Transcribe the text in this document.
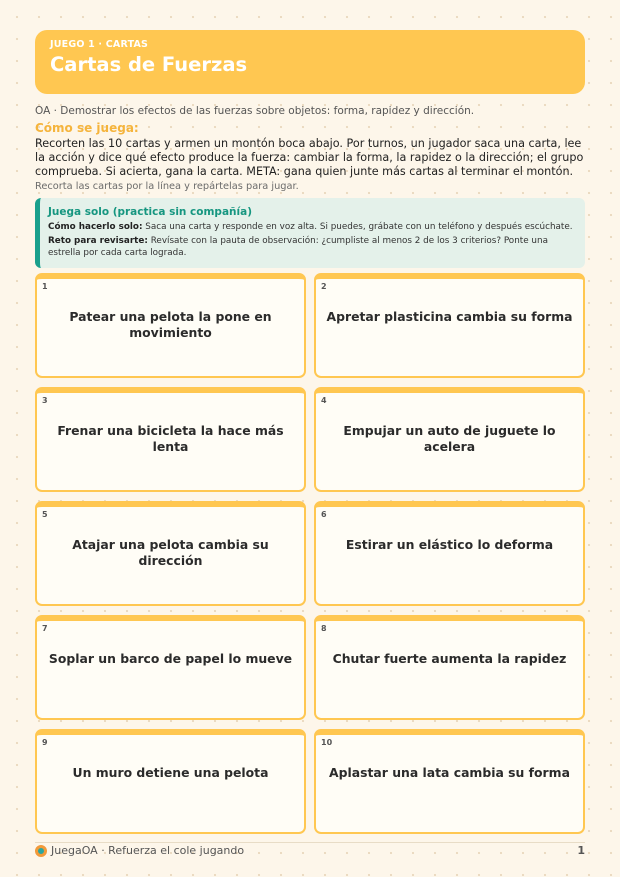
JUEGO 1 · CARTAS
Cartas de Fuerzas
OA · Demostrar los efectos de las fuerzas sobre objetos: forma, rapidez y dirección.
Cómo se juega:
Recorten las 10 cartas y armen un montón boca abajo. Por turnos, un jugador saca una carta, lee la acción y dice qué efecto produce la fuerza: cambiar la forma, la rapidez o la dirección; el grupo comprueba. Si acierta, gana la carta. META: gana quien junte más cartas al terminar el montón.
Recorta las cartas por la línea y repártelas para jugar.
Juega solo (practica sin compañía)
Cómo hacerlo solo: Saca una carta y responde en voz alta. Si puedes, grábate con un teléfono y después escúchate.
Reto para revisarte: Revísate con la pauta de observación: ¿cumpliste al menos 2 de los 3 criterios? Ponte una estrella por cada carta lograda.
1
Patear una pelota la pone en movimiento
2
Apretar plasticina cambia su forma
3
Frenar una bicicleta la hace más lenta
4
Empujar un auto de juguete lo acelera
5
Atajar una pelota cambia su dirección
6
Estirar un elástico lo deforma
7
Soplar un barco de papel lo mueve
8
Chutar fuerte aumenta la rapidez
9
Un muro detiene una pelota
10
Aplastar una lata cambia su forma
JuegaOA · Refuerza el cole jugando	1
